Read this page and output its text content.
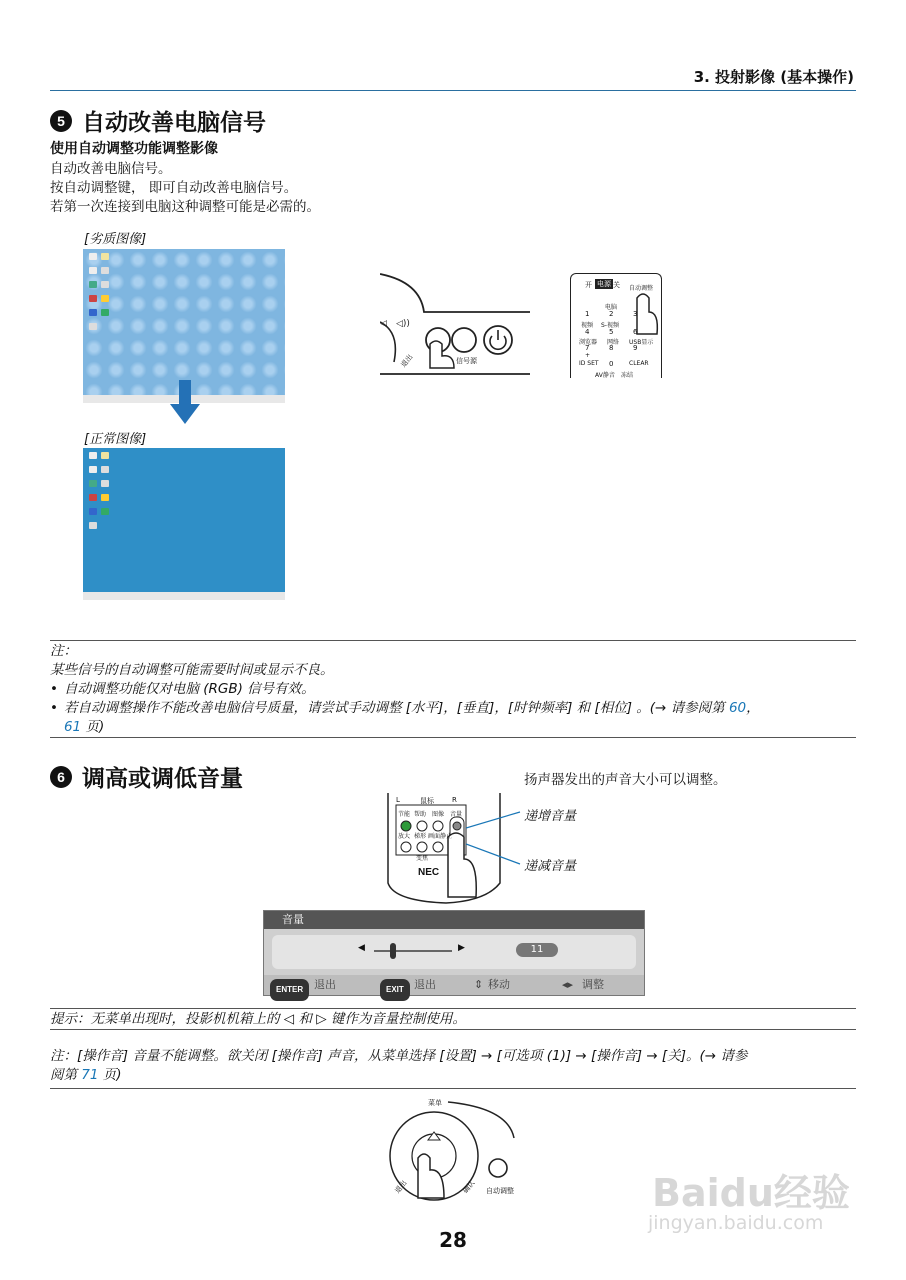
3. 投射影像 (基本操作)
5 自动改善电脑信号
使用自动调整功能调整影像
自动改善电脑信号。
按自动调整键， 即可自动改善电脑信号。
若第一次连接到电脑这种调整可能是必需的。
[劣质图像]
[正常图像]
◁ ◁))
退出	信号源
开 电源 关 自动调整
电脑
1	2	3
视频 S-视频
4	5	6
浏览器 网络 USB显示
7	8	9
+
ID SET 0	CLEAR
AV静音 冻结
注：
某些信号的自动调整可能需要时间或显示不良。
• 自动调整功能仅对电脑 (RGB) 信号有效。
• 若自动调整操作不能改善电脑信号质量，请尝试手动调整 [水平]，[垂直]，[时钟频率] 和 [相位] 。(→ 请参阅第 60，
61 页)
6 调高或调低音量	扬声器发出的声音大小可以调整。
L	鼠标	R
节能 帮助 图像
放大 梯形 画面静止
音量
变焦
NEC
递增音量
递减音量
音量
◀	▶	11
ENTER 退出	EXIT 退出	⇕ 移动	◂▸ 调整
提示：无菜单出现时，投影机机箱上的 ◁ 和 ▷ 键作为音量控制使用。
注：[操作音] 音量不能调整。欲关闭 [操作音] 声音，从菜单选择 [设置] → [可选项 (1)] → [操作音] → [关]。(→ 请参
阅第 71 页)
菜单
退出	确认 自动调整
28
Baidu经验
jingyan.baidu.com
